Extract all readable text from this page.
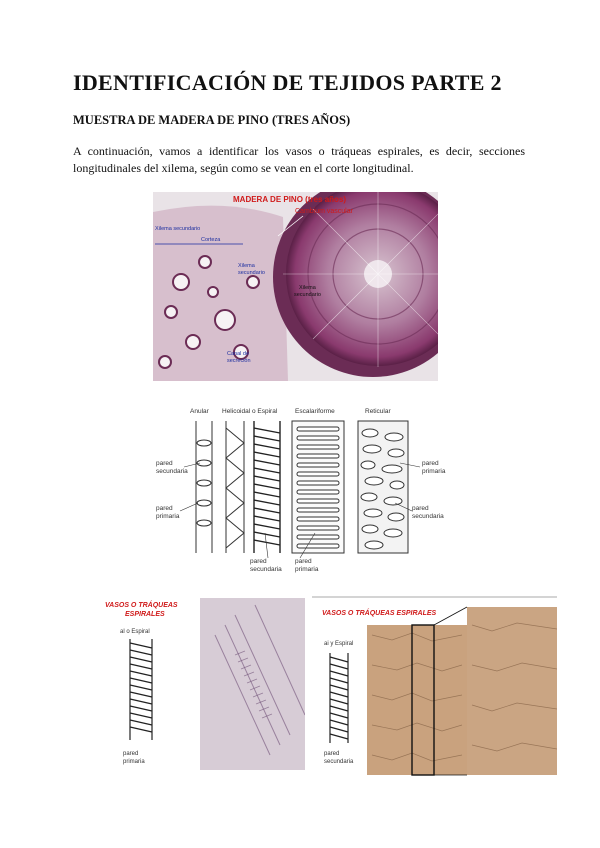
IDENTIFICACIÓN DE TEJIDOS PARTE 2
MUESTRA DE MADERA DE PINO (TRES AÑOS)
A continuación, vamos a identificar los vasos o tráqueas espirales, es decir, secciones longitudinales del xilema, según como se vean en el corte longitudinal.
MADERA DE PINO (tres años)
Cambium vascular
Xilema secundario
Corteza
Xilema
secundario
Xilema
secundario
Canal de
secreción
Anular Helicoidal o Espiral	Escalariforme	Reticular
pared
secundaria
pared
primaria
pared
secundaria
pared
primaria
pared
primaria
pared
secundaria
VASOS O TRÁQUEAS
ESPIRALES
al o Espiral
pared
primaria
VASOS O TRÁQUEAS ESPIRALES
ai y Espiral
pared
secundaria
